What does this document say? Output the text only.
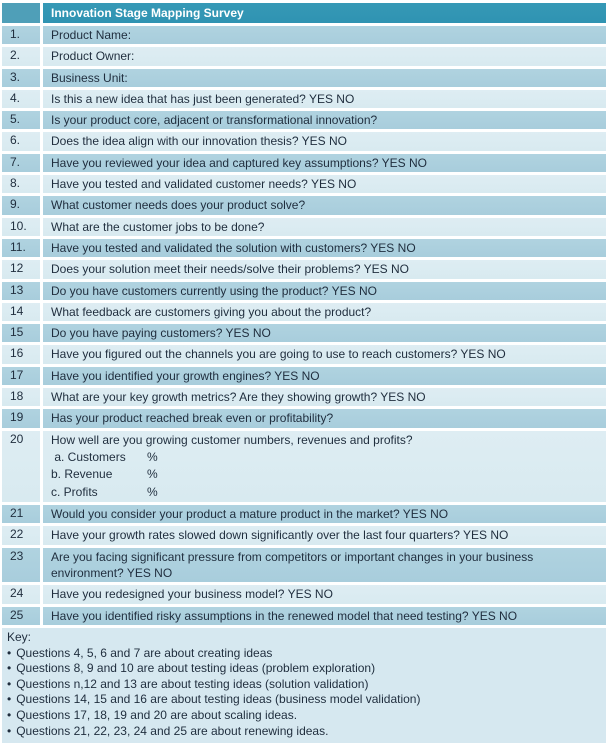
Innovation Stage Mapping Survey
1.	Product Name:
2.	Product Owner:
3.	Business Unit:
4.	Is this a new idea that has just been generated? YES NO
5.	Is your product core, adjacent or transformational innovation?
6.	Does the idea align with our innovation thesis? YES NO
7.	Have you reviewed your idea and captured key assumptions? YES NO
8.	Have you tested and validated customer needs? YES NO
9.	What customer needs does your product solve?
10.	What are the customer jobs to be done?
11.	Have you tested and validated the solution with customers? YES NO
12	Does your solution meet their needs/solve their problems? YES NO
13	Do you have customers currently using the product? YES NO
14	What feedback are customers giving you about the product?
15	Do you have paying customers? YES NO
16	Have you figured out the channels you are going to use to reach customers? YES NO
17	Have you identified your growth engines? YES NO
18	What are your key growth metrics? Are they showing growth? YES NO
19	Has your product reached break even or profitability?
20	How well are you growing customer numbers, revenues and profits?
a. Customers %
b. Revenue	%
c. Profits	%
21	Would you consider your product a mature product in the market? YES NO
22	Have your growth rates slowed down significantly over the last four quarters? YES NO
23	Are you facing significant pressure from competitors or important changes in your business environment? YES NO
24	Have you redesigned your business model? YES NO
25	Have you identified risky assumptions in the renewed model that need testing? YES NO
Key:
• Questions 4, 5, 6 and 7 are about creating ideas
• Questions 8, 9 and 10 are about testing ideas (problem exploration)
• Questions n,12 and 13 are about testing ideas (solution validation)
• Questions 14, 15 and 16 are about testing ideas (business model validation)
• Questions 17, 18, 19 and 20 are about scaling ideas.
• Questions 21, 22, 23, 24 and 25 are about renewing ideas.
